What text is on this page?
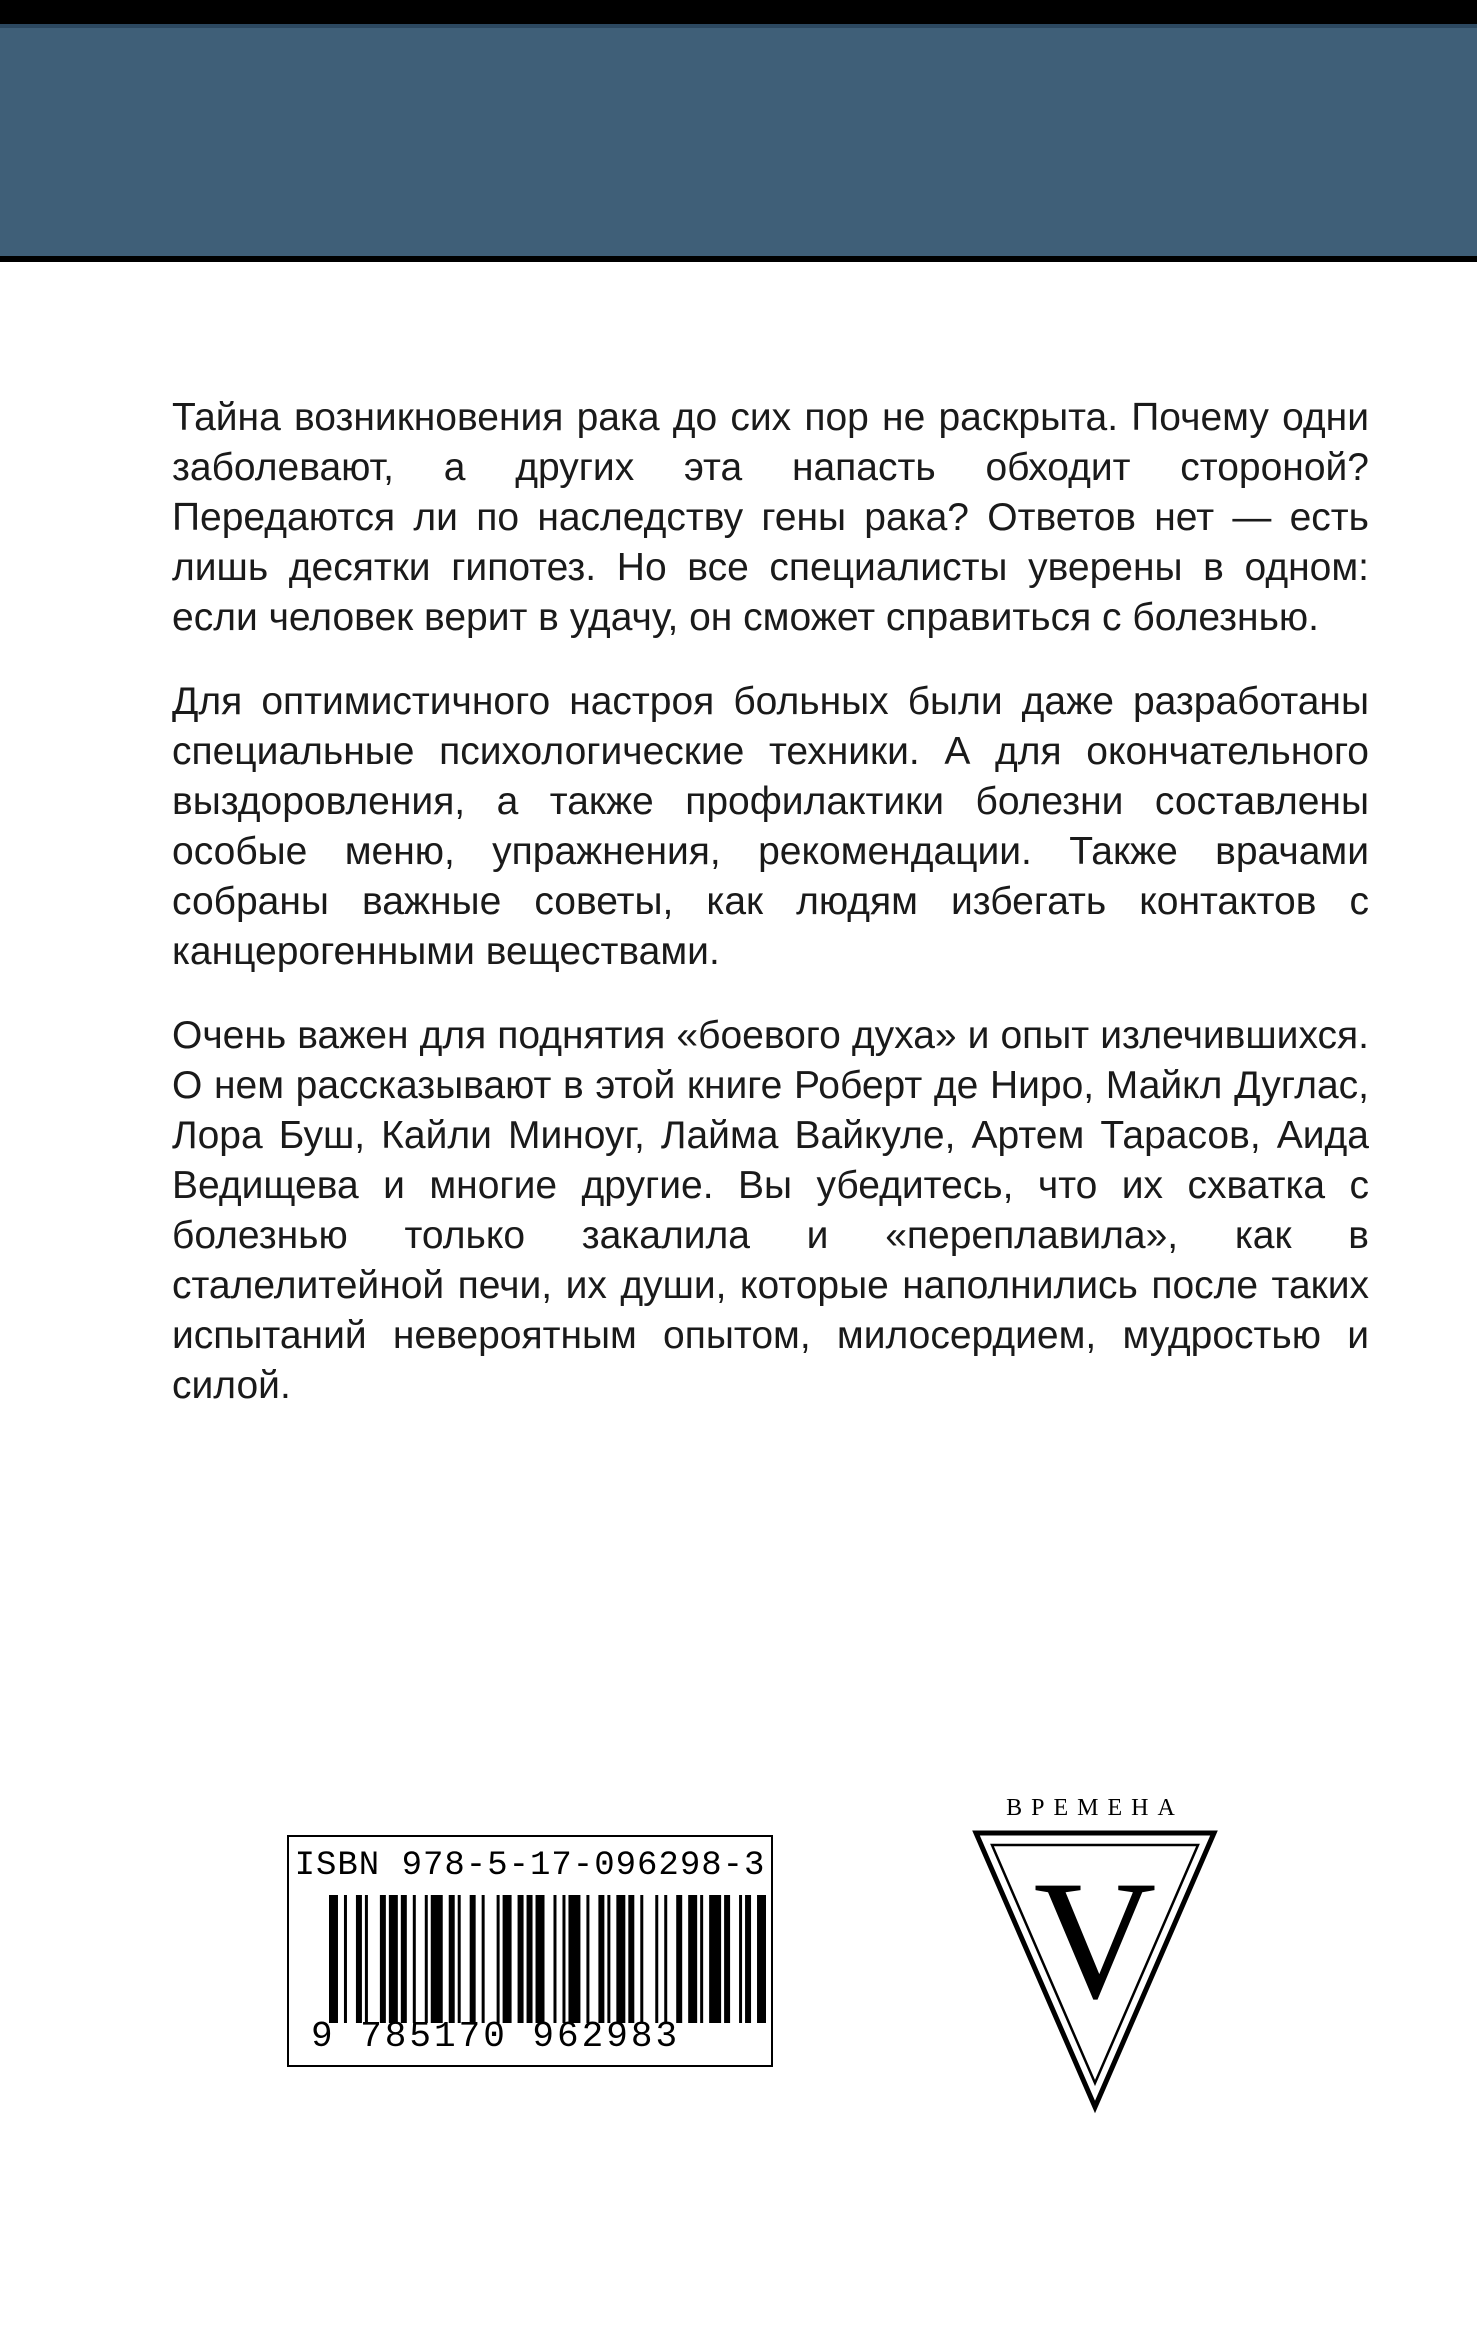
Тайна возникновения рака до сих пор не раскрыта. Почему одни заболевают, а других эта напасть обходит стороной? Передаются ли по наследству гены рака? Ответов нет — есть лишь десятки гипотез. Но все специалисты уверены в одном: если человек верит в удачу, он сможет справиться с болезнью.

Для оптимистичного настроя больных были даже разработаны специальные психологические техники. А для окончательного выздоровления, а также профилактики болезни составлены особые меню, упражнения, рекомендации. Также врачами собраны важные советы, как людям избегать контактов с канцерогенными веществами.

Очень важен для поднятия «боевого духа» и опыт излечившихся. О нем рассказывают в этой книге Роберт де Ниро, Майкл Дуглас, Лора Буш, Кайли Миноуг, Лайма Вайкуле, Артем Тарасов, Аида Ведищева и многие другие. Вы убедитесь, что их схватка с болезнью только закалила и «переплавила», как в сталелитейной печи, их души, которые наполнились после таких испытаний невероятным опытом, милосердием, мудростью и силой.

ISBN 978-5-17-096298-3
9 785170 962983
ВРЕМЕНА
V
